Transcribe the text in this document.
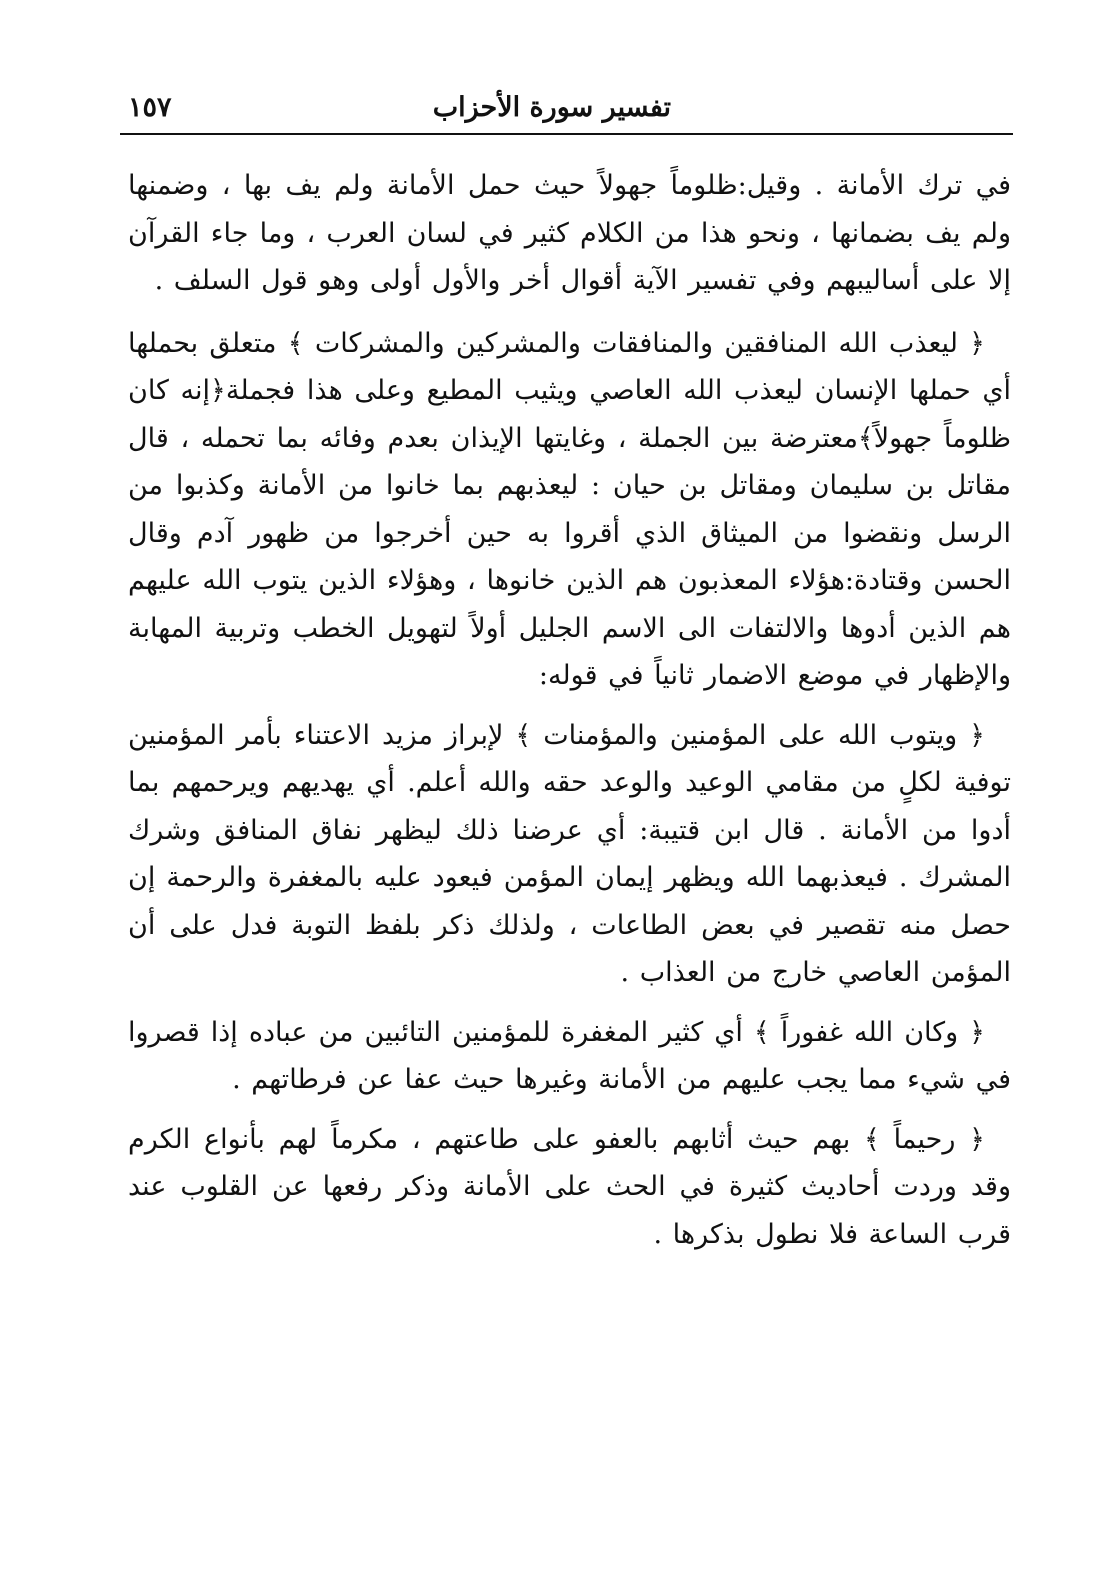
تفسير سورة الأحزاب
١٥٧

في ترك الأمانة . وقيل:ظلوماً جهولاً حيث حمل الأمانة ولم يف بها ، وضمنها ولم يف بضمانها ، ونحو هذا من الكلام كثير في لسان العرب ، وما جاء القرآن إلا على أساليبهم وفي تفسير الآية أقوال أخر والأول أولى وهو قول السلف .

﴿ ليعذب الله المنافقين والمنافقات والمشركين والمشركات ﴾ متعلق بحملها أي حملها الإنسان ليعذب الله العاصي ويثيب المطيع وعلى هذا فجملة﴿إنه كان ظلوماً جهولاً﴾معترضة بين الجملة ، وغايتها الإيذان بعدم وفائه بما تحمله ، قال مقاتل بن سليمان ومقاتل بن حيان : ليعذبهم بما خانوا من الأمانة وكذبوا من الرسل ونقضوا من الميثاق الذي أقروا به حين أخرجوا من ظهور آدم وقال الحسن وقتادة:هؤلاء المعذبون هم الذين خانوها ، وهؤلاء الذين يتوب الله عليهم هم الذين أدوها والالتفات الى الاسم الجليل أولاً لتهويل الخطب وتربية المهابة والإظهار في موضع الاضمار ثانياً في قوله:

﴿ ويتوب الله على المؤمنين والمؤمنات ﴾ لإبراز مزيد الاعتناء بأمر المؤمنين توفية لكلٍ من مقامي الوعيد والوعد حقه والله أعلم. أي يهديهم ويرحمهم بما أدوا من الأمانة . قال ابن قتيبة: أي عرضنا ذلك ليظهر نفاق المنافق وشرك المشرك . فيعذبهما الله ويظهر إيمان المؤمن فيعود عليه بالمغفرة والرحمة إن حصل منه تقصير في بعض الطاعات ، ولذلك ذكر بلفظ التوبة فدل على أن المؤمن العاصي خارج من العذاب .

﴿ وكان الله غفوراً ﴾ أي كثير المغفرة للمؤمنين التائبين من عباده إذا قصروا في شيء مما يجب عليهم من الأمانة وغيرها حيث عفا عن فرطاتهم .

﴿ رحيماً ﴾ بهم حيث أثابهم بالعفو على طاعتهم ، مكرماً لهم بأنواع الكرم وقد وردت أحاديث كثيرة في الحث على الأمانة وذكر رفعها عن القلوب عند قرب الساعة فلا نطول بذكرها .
